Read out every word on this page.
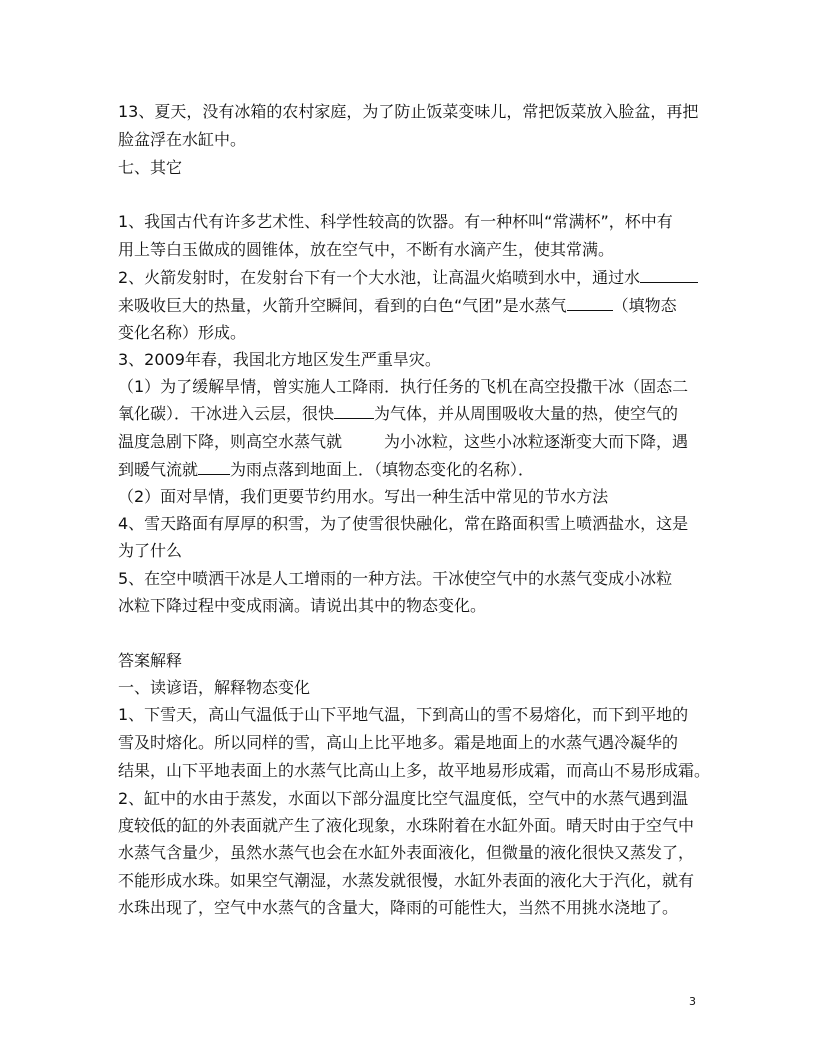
13、夏天，没有冰箱的农村家庭，为了防止饭菜变味儿，常把饭菜放入脸盆，再把
脸盆浮在水缸中。
七、其它
1、我国古代有许多艺术性、科学性较高的饮器。有一种杯叫“常满杯”，杯中有
用上等白玉做成的圆锥体，放在空气中，不断有水滴产生，使其常满。
2、火箭发射时，在发射台下有一个大水池，让高温火焰喷到水中，通过水
来吸收巨大的热量，火箭升空瞬间，看到的白色“气团”是水蒸气	（填物态
变化名称）形成。
3、2009年春，我国北方地区发生严重旱灾。
（1）为了缓解旱情，曾实施人工降雨．执行任务的飞机在高空投撒干冰（固态二
氧化碳）．干冰进入云层，很快	为气体，并从周围吸收大量的热，使空气的
温度急剧下降，则高空水蒸气就	为小冰粒，这些小冰粒逐渐变大而下降，遇
到暖气流就 为雨点落到地面上．（填物态变化的名称）．
（2）面对旱情，我们更要节约用水。写出一种生活中常见的节水方法
4、雪天路面有厚厚的积雪，为了使雪很快融化，常在路面积雪上喷洒盐水，这是
为了什么
5、在空中喷洒干冰是人工增雨的一种方法。干冰使空气中的水蒸气变成小冰粒
冰粒下降过程中变成雨滴。请说出其中的物态变化。
答案解释
一、读谚语，解释物态变化
1、下雪天，高山气温低于山下平地气温，下到高山的雪不易熔化，而下到平地的
雪及时熔化。所以同样的雪，高山上比平地多。霜是地面上的水蒸气遇冷凝华的
结果，山下平地表面上的水蒸气比高山上多，故平地易形成霜，而高山不易形成霜。
2、缸中的水由于蒸发，水面以下部分温度比空气温度低，空气中的水蒸气遇到温
度较低的缸的外表面就产生了液化现象，水珠附着在水缸外面。晴天时由于空气中
水蒸气含量少，虽然水蒸气也会在水缸外表面液化，但微量的液化很快又蒸发了，
不能形成水珠。如果空气潮湿，水蒸发就很慢，水缸外表面的液化大于汽化，就有
水珠出现了，空气中水蒸气的含量大，降雨的可能性大，当然不用挑水浇地了。
3
